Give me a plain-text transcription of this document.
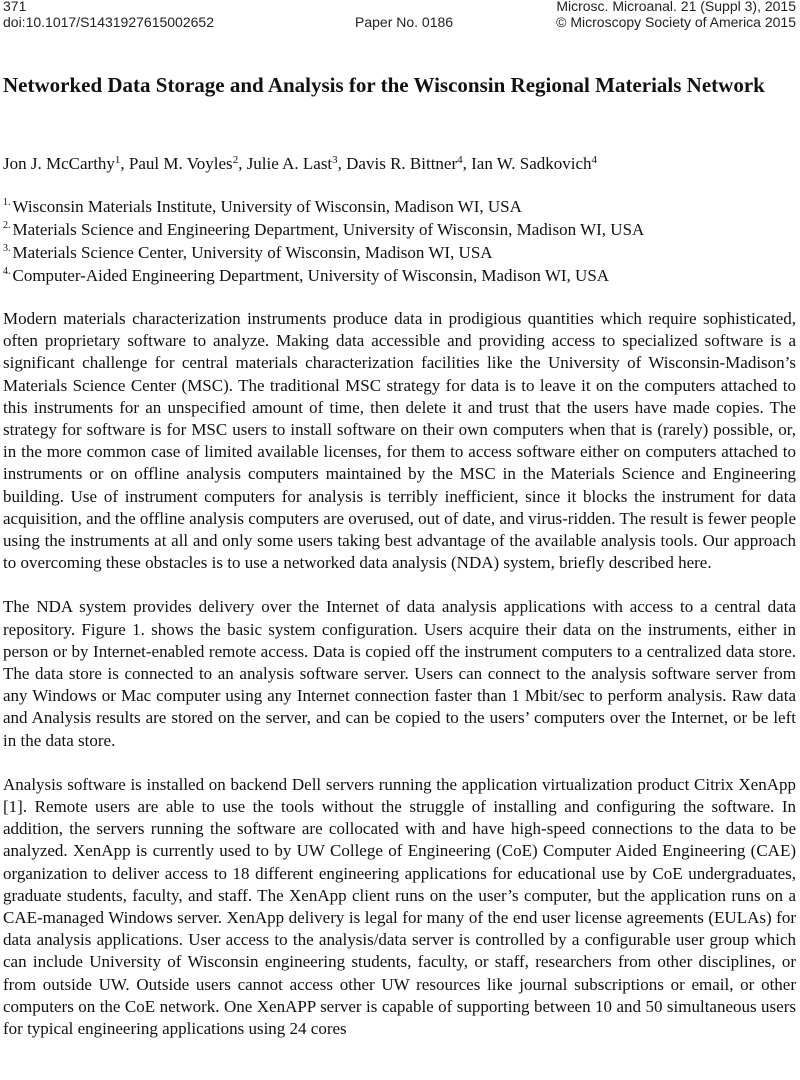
371	Microsc. Microanal. 21 (Suppl 3), 2015
doi:10.1017/S1431927615002652	Paper No. 0186	© Microscopy Society of America 2015
Networked Data Storage and Analysis for the Wisconsin Regional Materials Network
Jon J. McCarthy$^1$, Paul M. Voyles$^2$, Julie A. Last$^3$, Davis R. Bittner$^4$, Ian W. Sadkovich$^4$
$^{1.}$ Wisconsin Materials Institute, University of Wisconsin, Madison WI, USA
$^{2.}$ Materials Science and Engineering Department, University of Wisconsin, Madison WI, USA
$^{3.}$ Materials Science Center, University of Wisconsin, Madison WI, USA
$^{4.}$ Computer-Aided Engineering Department, University of Wisconsin, Madison WI, USA

Modern materials characterization instruments produce data in prodigious quantities which require sophisticated, often proprietary software to analyze. Making data accessible and providing access to specialized software is a significant challenge for central materials characterization facilities like the University of Wisconsin-Madison’s Materials Science Center (MSC). The traditional MSC strategy for data is to leave it on the computers attached to this instruments for an unspecified amount of time, then delete it and trust that the users have made copies. The strategy for software is for MSC users to install software on their own computers when that is (rarely) possible, or, in the more common case of limited available licenses, for them to access software either on computers attached to instruments or on offline analysis computers maintained by the MSC in the Materials Science and Engineering building. Use of instrument computers for analysis is terribly inefficient, since it blocks the instrument for data acquisition, and the offline analysis computers are overused, out of date, and virus-ridden. The result is fewer people using the instruments at all and only some users taking best advantage of the available analysis tools. Our approach to overcoming these obstacles is to use a networked data analysis (NDA) system, briefly described here.

The NDA system provides delivery over the Internet of data analysis applications with access to a central data repository. Figure 1. shows the basic system configuration. Users acquire their data on the instruments, either in person or by Internet-enabled remote access. Data is copied off the instrument computers to a centralized data store. The data store is connected to an analysis software server. Users can connect to the analysis software server from any Windows or Mac computer using any Internet connection faster than 1 Mbit/sec to perform analysis. Raw data and Analysis results are stored on the server, and can be copied to the users’ computers over the Internet, or be left in the data store.

Analysis software is installed on backend Dell servers running the application virtualization product Citrix XenApp [1]. Remote users are able to use the tools without the struggle of installing and configuring the software. In addition, the servers running the software are collocated with and have high-speed connections to the data to be analyzed. XenApp is currently used to by UW College of Engineering (CoE) Computer Aided Engineering (CAE) organization to deliver access to 18 different engineering applications for educational use by CoE undergraduates, graduate students, faculty, and staff. The XenApp client runs on the user’s computer, but the application runs on a CAE-managed Windows server. XenApp delivery is legal for many of the end user license agreements (EULAs) for data analysis applications. User access to the analysis/data server is controlled by a configurable user group which can include University of Wisconsin engineering students, faculty, or staff, researchers from other disciplines, or from outside UW. Outside users cannot access other UW resources like journal subscriptions or email, or other computers on the CoE network. One XenAPP server is capable of supporting between 10 and 50 simultaneous users for typical engineering applications using 24 cores
